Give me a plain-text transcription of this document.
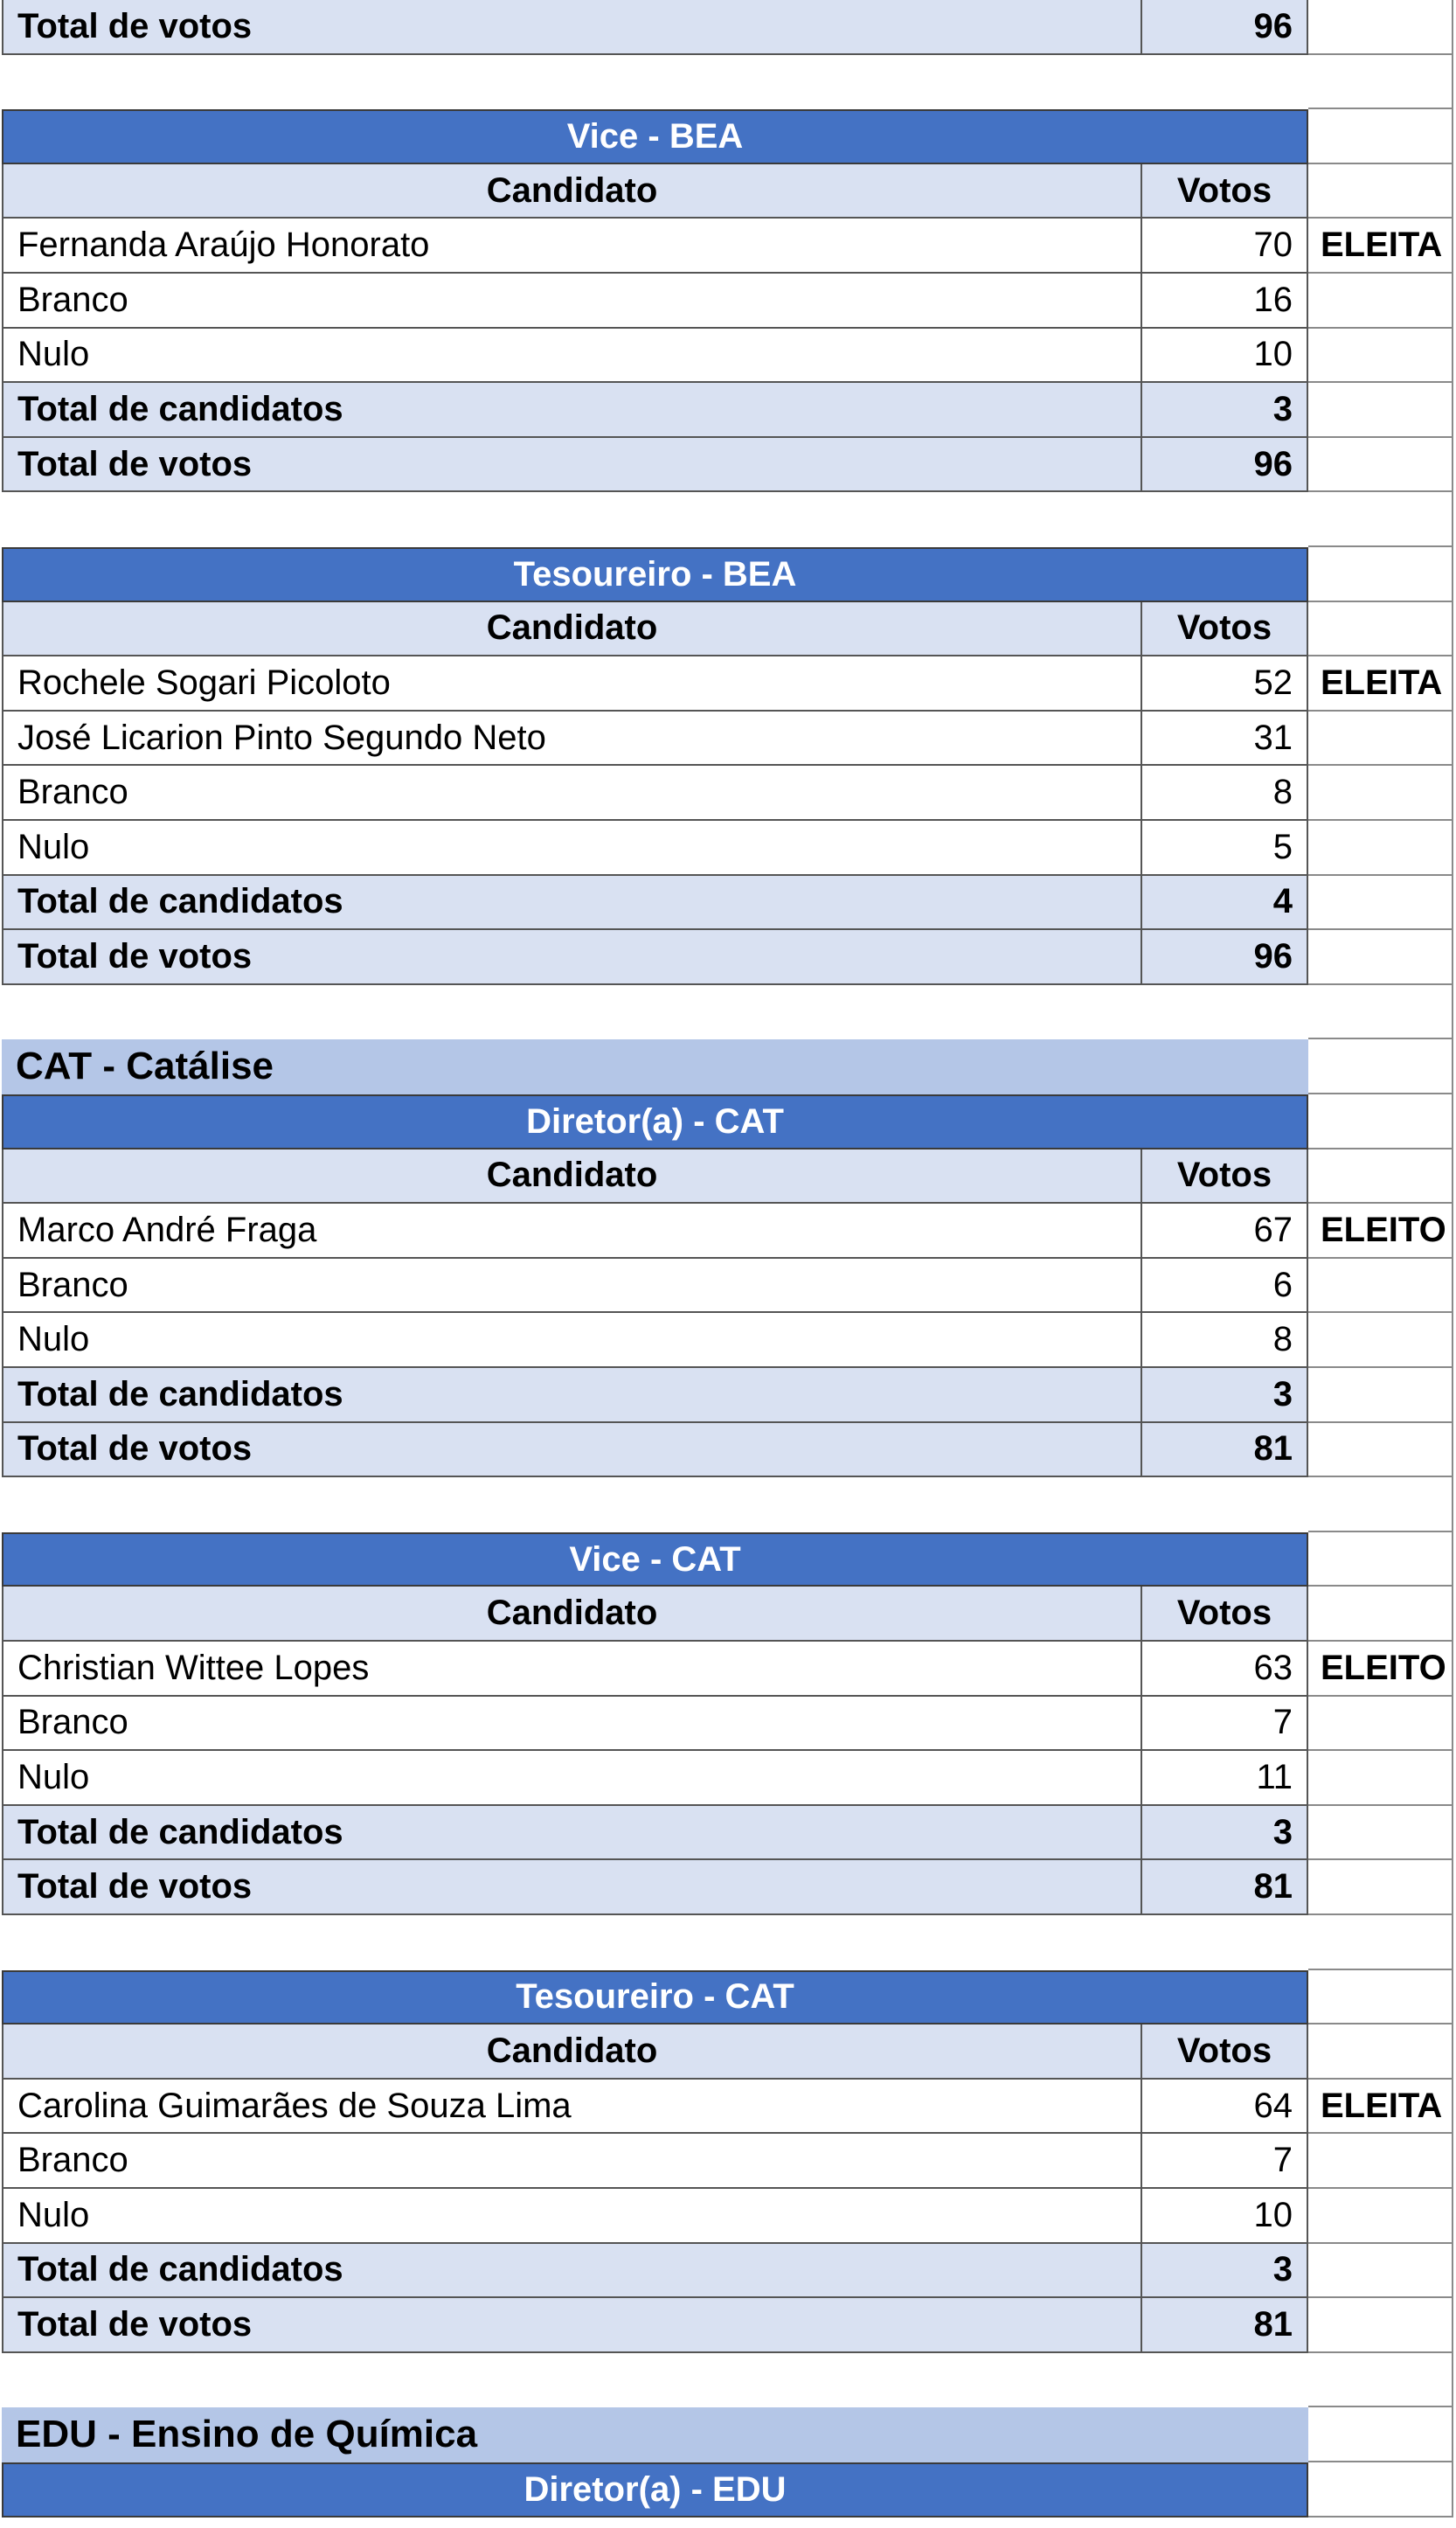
Total de votos	96
Vice - BEA
Candidato	Votos
Fernanda Araújo Honorato	70 ELEITA
Branco	16
Nulo	10
Total de candidatos	3
Total de votos	96
Tesoureiro - BEA
Candidato	Votos
Rochele Sogari Picoloto	52 ELEITA
José Licarion Pinto Segundo Neto	31
Branco	8
Nulo	5
Total de candidatos	4
Total de votos	96
CAT - Catálise
Diretor(a) - CAT
Candidato	Votos
Marco André Fraga	67 ELEITO
Branco	6
Nulo	8
Total de candidatos	3
Total de votos	81
Vice - CAT
Candidato	Votos
Christian Wittee Lopes	63 ELEITO
Branco	7
Nulo	11
Total de candidatos	3
Total de votos	81
Tesoureiro - CAT
Candidato	Votos
Carolina Guimarães de Souza Lima	64 ELEITA
Branco	7
Nulo	10
Total de candidatos	3
Total de votos	81
EDU - Ensino de Química
Diretor(a) - EDU
